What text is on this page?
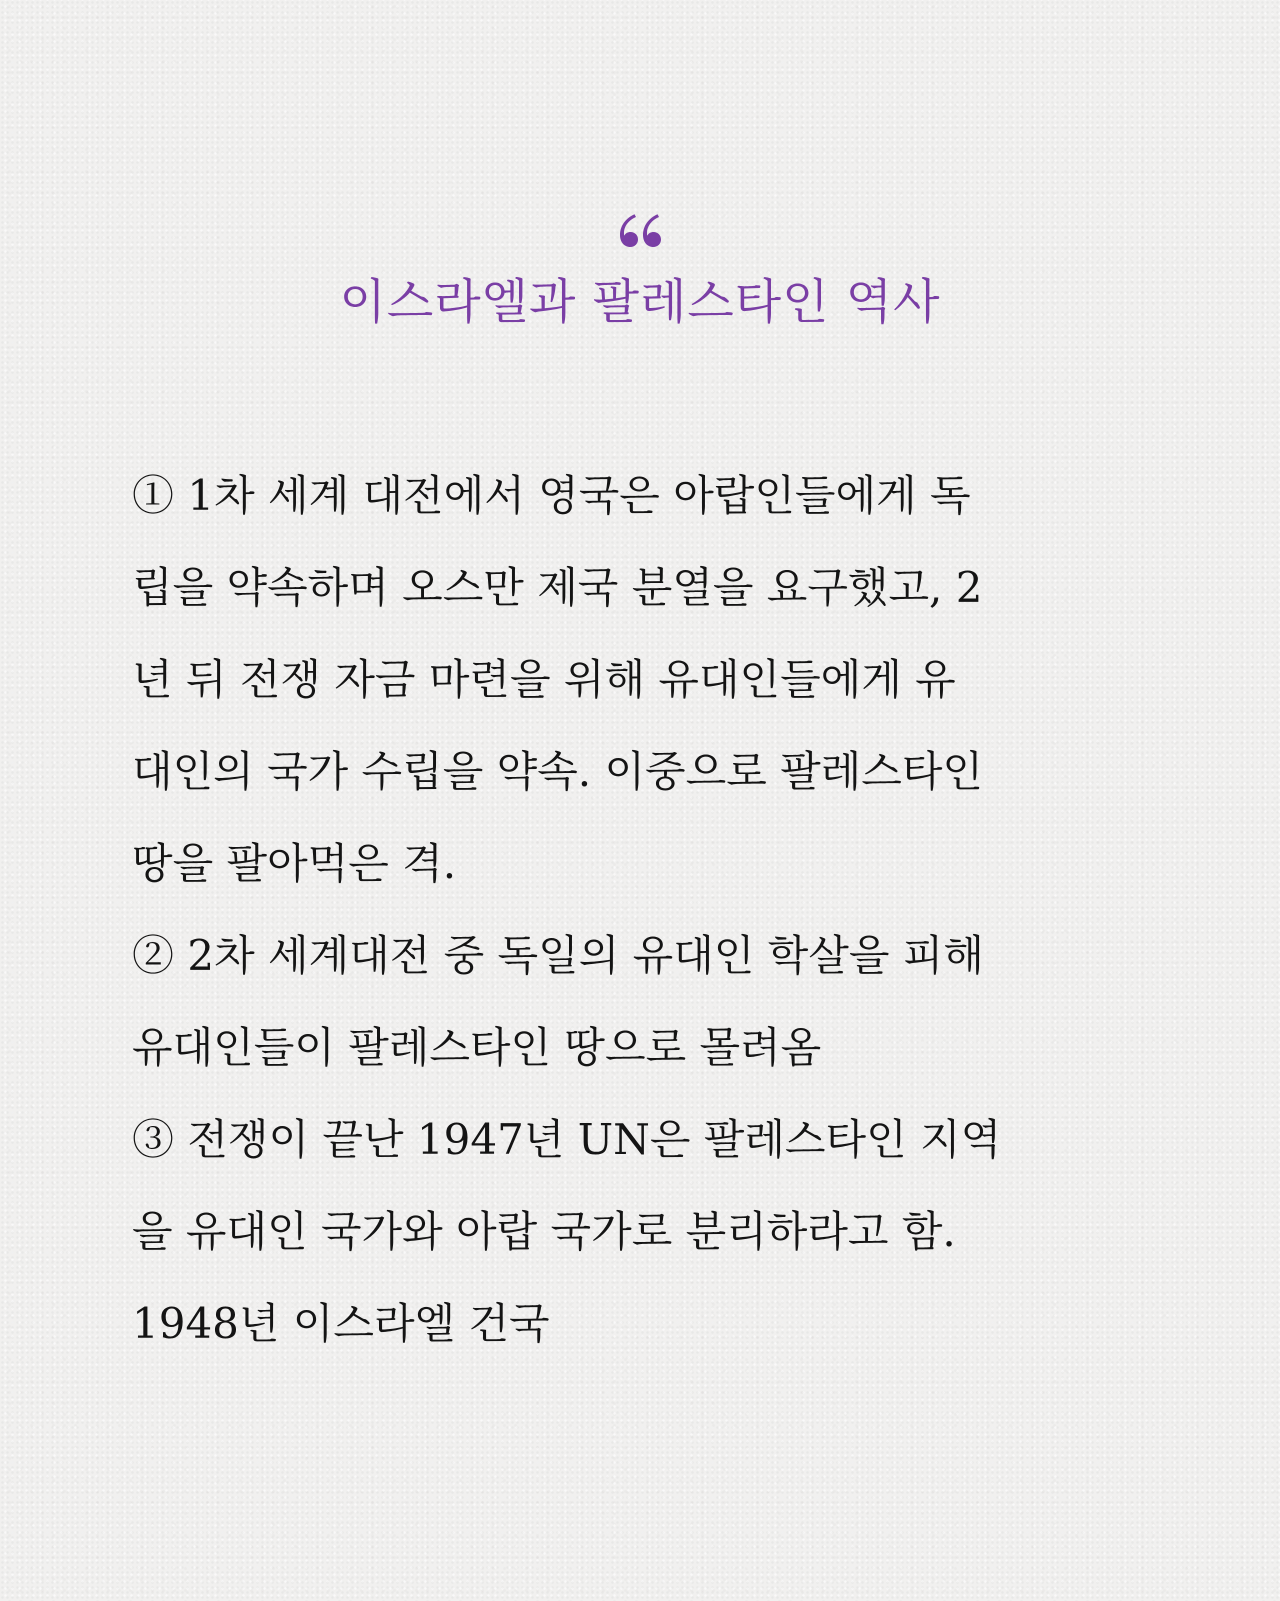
이스라엘과 팔레스타인 역사
① 1차 세계 대전에서 영국은 아랍인들에게 독
립을 약속하며 오스만 제국 분열을 요구했고, 2
년 뒤 전쟁 자금 마련을 위해 유대인들에게 유
대인의 국가 수립을 약속. 이중으로 팔레스타인
땅을 팔아먹은 격.
② 2차 세계대전 중 독일의 유대인 학살을 피해
유대인들이 팔레스타인 땅으로 몰려옴
③ 전쟁이 끝난 1947년 UN은 팔레스타인 지역
을 유대인 국가와 아랍 국가로 분리하라고 함.
1948년 이스라엘 건국
